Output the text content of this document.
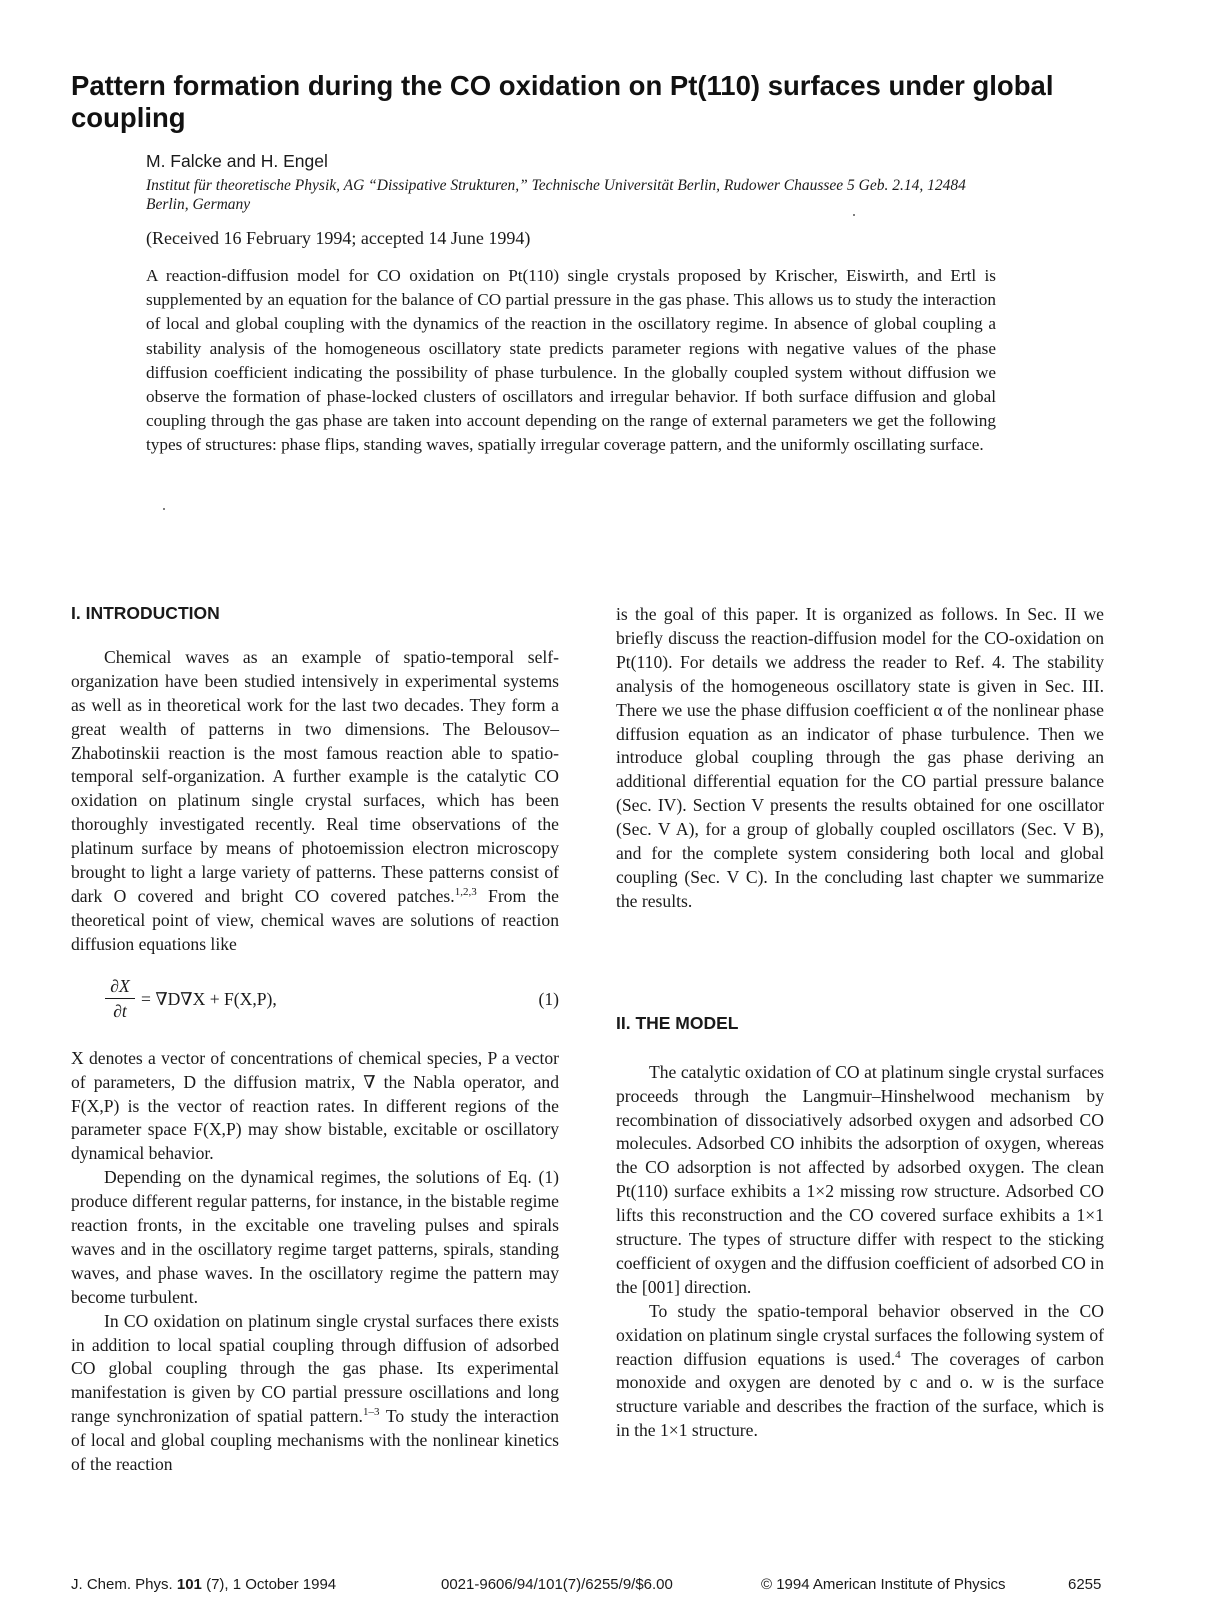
Pattern formation during the CO oxidation on Pt(110) surfaces under global coupling

M. Falcke and H. Engel

Institut für theoretische Physik, AG “Dissipative Strukturen,” Technische Universität Berlin, Rudower Chaussee 5 Geb. 2.14, 12484 Berlin, Germany

(Received 16 February 1994; accepted 14 June 1994)

A reaction-diffusion model for CO oxidation on Pt(110) single crystals proposed by Krischer, Eiswirth, and Ertl is supplemented by an equation for the balance of CO partial pressure in the gas phase. This allows us to study the interaction of local and global coupling with the dynamics of the reaction in the oscillatory regime. In absence of global coupling a stability analysis of the homogeneous oscillatory state predicts parameter regions with negative values of the phase diffusion coefficient indicating the possibility of phase turbulence. In the globally coupled system without diffusion we observe the formation of phase-locked clusters of oscillators and irregular behavior. If both surface diffusion and global coupling through the gas phase are taken into account depending on the range of external parameters we get the following types of structures: phase flips, standing waves, spatially irregular coverage pattern, and the uniformly oscillating surface.

I. INTRODUCTION

Chemical waves as an example of spatio-temporal self-organization have been studied intensively in experimental systems as well as in theoretical work for the last two decades. They form a great wealth of patterns in two dimensions. The Belousov–Zhabotinskii reaction is the most famous reaction able to spatio-temporal self-organization. A further example is the catalytic CO oxidation on platinum single crystal surfaces, which has been thoroughly investigated recently. Real time observations of the platinum surface by means of photoemission electron microscopy brought to light a large variety of patterns. These patterns consist of dark O covered and bright CO covered patches.$^{1,2,3}$ From the theoretical point of view, chemical waves are solutions of reaction diffusion equations like

∂X
∂t
= ∇D∇X + F(X,P),	(1)

X denotes a vector of concentrations of chemical species, P a vector of parameters, D the diffusion matrix, ∇ the Nabla operator, and F(X,P) is the vector of reaction rates. In different regions of the parameter space F(X,P) may show bistable, excitable or oscillatory dynamical behavior.

Depending on the dynamical regimes, the solutions of Eq. (1) produce different regular patterns, for instance, in the bistable regime reaction fronts, in the excitable one traveling pulses and spirals waves and in the oscillatory regime target patterns, spirals, standing waves, and phase waves. In the oscillatory regime the pattern may become turbulent.

In CO oxidation on platinum single crystal surfaces there exists in addition to local spatial coupling through diffusion of adsorbed CO global coupling through the gas phase. Its experimental manifestation is given by CO partial pressure oscillations and long range synchronization of spatial pattern.$^{1-3}$ To study the interaction of local and global coupling mechanisms with the nonlinear kinetics of the reaction

is the goal of this paper. It is organized as follows. In Sec. II we briefly discuss the reaction-diffusion model for the CO-oxidation on Pt(110). For details we address the reader to Ref. 4. The stability analysis of the homogeneous oscillatory state is given in Sec. III. There we use the phase diffusion coefficient α of the nonlinear phase diffusion equation as an indicator of phase turbulence. Then we introduce global coupling through the gas phase deriving an additional differential equation for the CO partial pressure balance (Sec. IV). Section V presents the results obtained for one oscillator (Sec. V A), for a group of globally coupled oscillators (Sec. V B), and for the complete system considering both local and global coupling (Sec. V C). In the concluding last chapter we summarize the results.

II. THE MODEL

The catalytic oxidation of CO at platinum single crystal surfaces proceeds through the Langmuir–Hinshelwood mechanism by recombination of dissociatively adsorbed oxygen and adsorbed CO molecules. Adsorbed CO inhibits the adsorption of oxygen, whereas the CO adsorption is not affected by adsorbed oxygen. The clean Pt(110) surface exhibits a 1×2 missing row structure. Adsorbed CO lifts this reconstruction and the CO covered surface exhibits a 1×1 structure. The types of structure differ with respect to the sticking coefficient of oxygen and the diffusion coefficient of adsorbed CO in the [001] direction.

To study the spatio-temporal behavior observed in the CO oxidation on platinum single crystal surfaces the following system of reaction diffusion equations is used.$^4$ The coverages of carbon monoxide and oxygen are denoted by c and o. w is the surface structure variable and describes the fraction of the surface, which is in the 1×1 structure.

J. Chem. Phys. 101 (7), 1 October 1994	0021-9606/94/101(7)/6255/9/$6.00	© 1994 American Institute of Physics	6255
